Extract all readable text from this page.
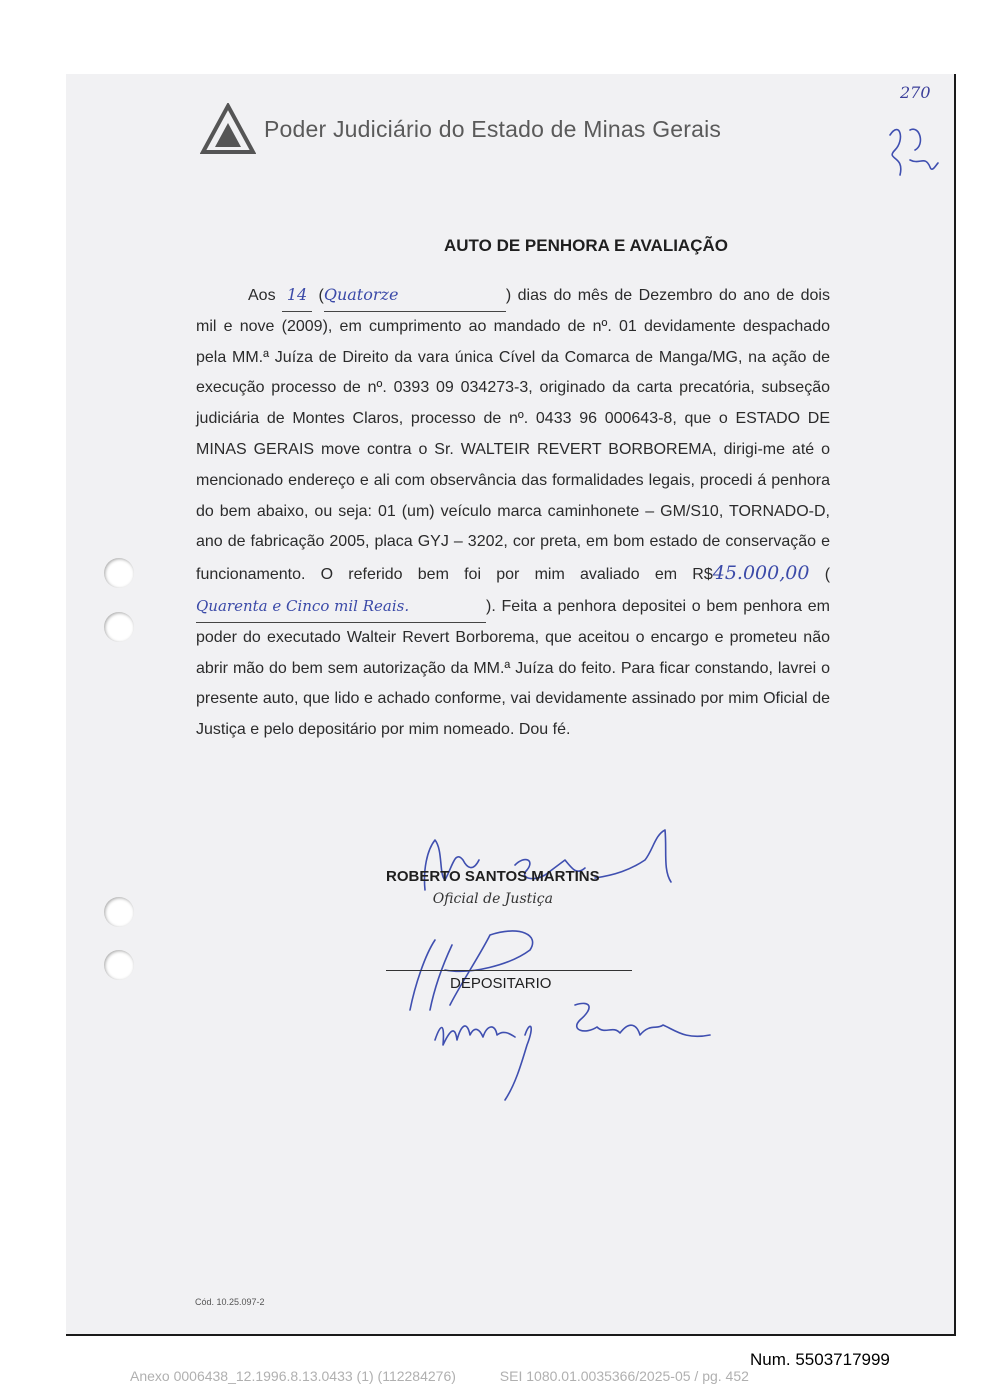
Poder Judiciário do Estado de Minas Gerais
270
AUTO DE PENHORA E AVALIAÇÃO
Aos 14 (Quatorze	) dias do mês de Dezembro do ano de dois mil e nove (2009), em cumprimento ao mandado de nº. 01 devidamente despachado pela MM.ª Juíza de Direito da vara única Cível da Comarca de Manga/MG, na ação de execução processo de nº. 0393 09 034273-3, originado da carta precatória, subseção judiciária de Montes Claros, processo de nº. 0433 96 000643-8, que o ESTADO DE MINAS GERAIS move contra o Sr. WALTEIR REVERT BORBOREMA, dirigi-me até o mencionado endereço e ali com observância das formalidades legais, procedi á penhora do bem abaixo, ou seja: 01 (um) veículo marca caminhonete – GM/S10, TORNADO-D, ano de fabricação 2005, placa GYJ – 3202, cor preta, em bom estado de conservação e funcionamento. O referido bem foi por mim avaliado em R$45.000,00 (Quarenta e Cinco mil Reais.	). Feita a penhora depositei o bem penhora em poder do executado Walteir Revert Borborema, que aceitou o encargo e prometeu não abrir mão do bem sem autorização da MM.ª Juíza do feito. Para ficar constando, lavrei o presente auto, que lido e achado conforme, vai devidamente assinado por mim Oficial de Justiça e pelo depositário por mim nomeado. Dou fé.
ROBERTO SANTOS MARTINS
Oficial de Justiça
DEPOSITARIO
Cód. 10.25.097-2
Num. 5503717999
Anexo 0006438_12.1996.8.13.0433 (1) (112284276)	SEI 1080.01.0035366/2025-05 / pg. 452
